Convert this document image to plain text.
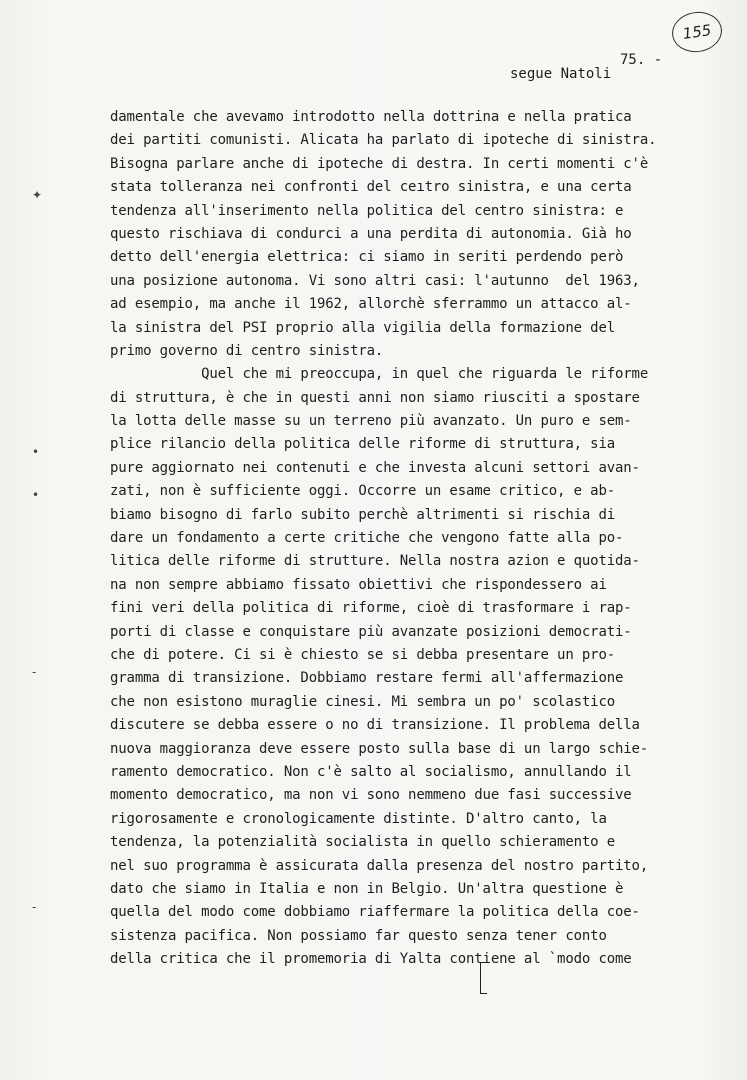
155
75. -
segue Natoli
✦
•
•
-
-
damentale che avevamo introdotto nella dottrina e nella pratica
dei partiti comunisti. Alicata ha parlato di ipoteche di sinistra.
Bisogna parlare anche di ipoteche di destra. In certi momenti c'è
stata tolleranza nei confronti del ceıtro sinistra, e una certa
tendenza all'inserimento nella politica del centro sinistra: e
questo rischiava di condurci a una perdita di autonomia. Già ho
detto dell'energia elettrica: ci siamo in seriti perdendo però
una posizione autonoma. Vi sono altri casi: l'autunno  del 1963,
ad esempio, ma anche il 1962, allorchè sferrammo un attacco al-
la sinistra del PSI proprio alla vigilia della formazione del
primo governo di centro sinistra.
Quel che mi preoccupa, in quel che riguarda le riforme
di struttura, è che in questi anni non siamo riusciti a spostare
la lotta delle masse su un terreno più avanzato. Un puro e sem-
plice rilancio della politica delle riforme di struttura, sia
pure aggiornato nei contenuti e che investa alcuni settori avan-
zati, non è sufficiente oggi. Occorre un esame critico, e ab-
biamo bisogno di farlo subito perchè altrimenti si rischia di
dare un fondamento a certe critiche che vengono fatte alla po-
litica delle riforme di strutture. Nella nostra azion e quotida-
na non sempre abbiamo fissato obiettivi che rispondessero ai
fini veri della politica di riforme, cioè di trasformare i rap-
porti di classe e conquistare più avanzate posizioni democrati-
che di potere. Ci si è chiesto se si debba presentare un pro-
gramma di transizione. Dobbiamo restare fermi all'affermazione
che non esistono muraglie cinesi. Mi sembra un po' scolastico
discutere se debba essere o no di transizione. Il problema della
nuova maggioranza deve essere posto sulla base di un largo schie-
ramento democratico. Non c'è salto al socialismo, annullando il
momento democratico, ma non vi sono nemmeno due fasi successive
rigorosamente e cronologicamente distinte. D'altro canto, la
tendenza, la potenzialità socialista in quello schieramento e
nel suo programma è assicurata dalla presenza del nostro partito,
dato che siamo in Italia e non in Belgio. Un'altra questione è
quella del modo come dobbiamo riaffermare la politica della coe-
sistenza pacifica. Non possiamo far questo senza tener conto
della critica che il promemoria di Yalta contiene al `modo come
